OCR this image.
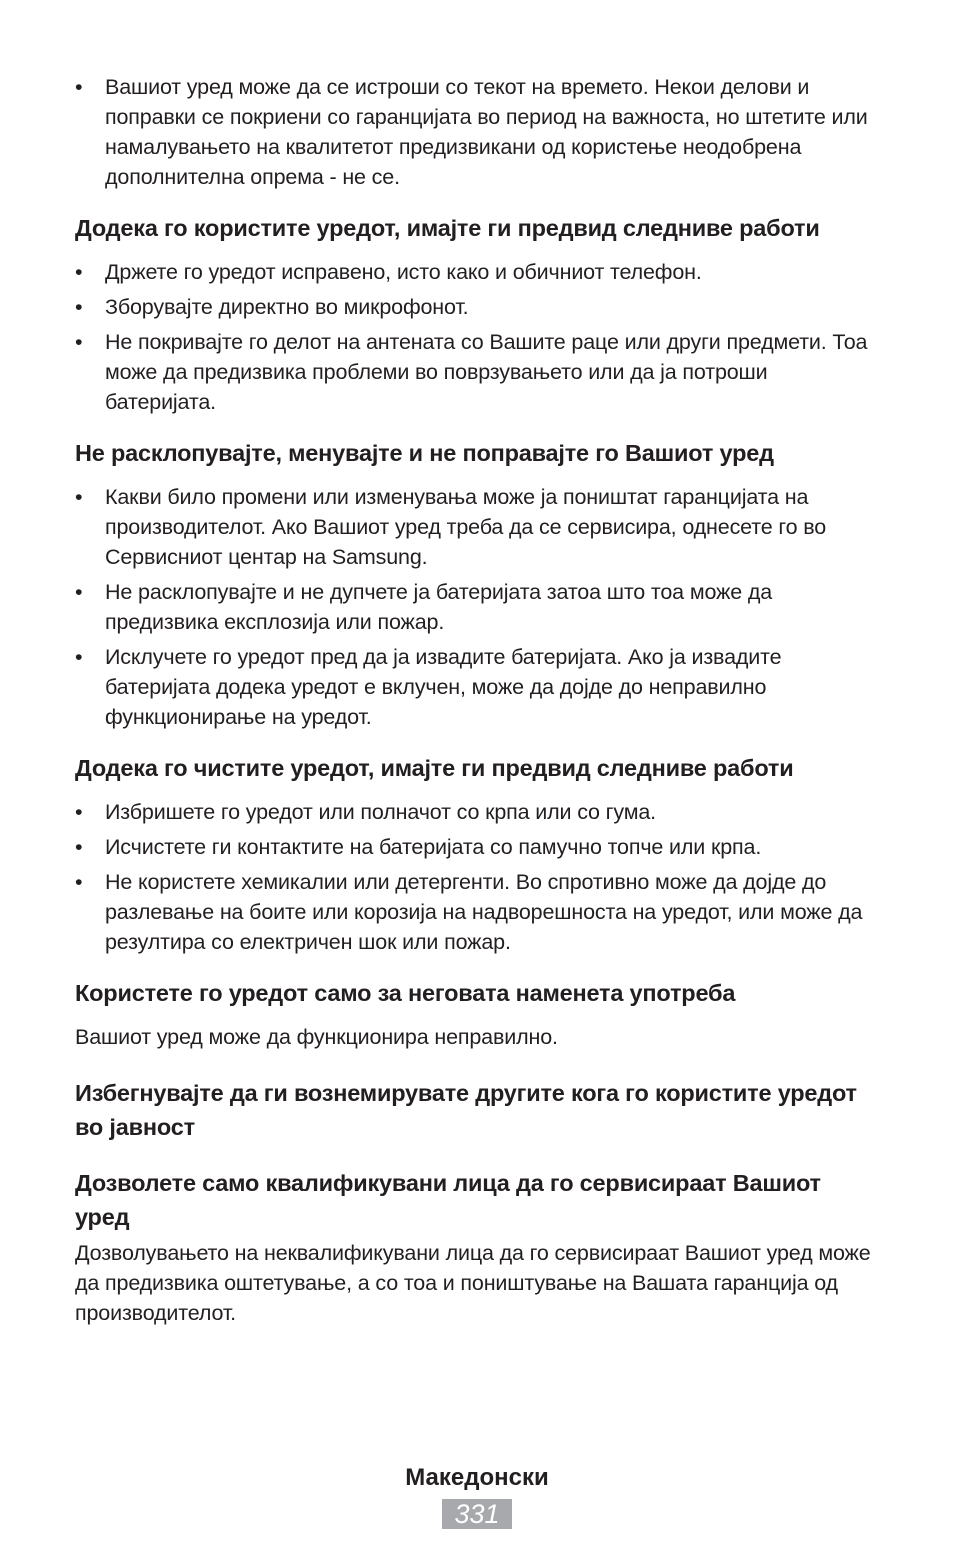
• Вашиот уред може да се истроши со текот на времето. Некои делови и поправки се покриени со гаранцијата во период на важноста, но штетите или намалувањето на квалитетот предизвикани од користење неодобрена дополнителна опрема - не се.
Додека го користите уредот, имајте ги предвид следниве работи
• Држете го уредот исправено, исто како и обичниот телефон.
• Зборувајте директно во микрофонот.
• Не покривајте го делот на антената со Вашите раце или други предмети. Тоа може да предизвика проблеми во поврзувањето или да ја потроши батеријата.
Не расклопувајте, менувајте и не поправајте го Вашиот уред
• Какви било промени или изменувања може ја поништат гаранцијата на производителот. Ако Вашиот уред треба да се сервисира, однесете го во Сервисниот центар на Samsung.
• Не расклопувајте и не дупчете ја батеријата затоа што тоа може да предизвика експлозија или пожар.
• Исклучете го уредот пред да ја извадите батеријата. Ако ја извадите батеријата додека уредот е вклучен, може да дојде до неправилно функционирање на уредот.
Додека го чистите уредот, имајте ги предвид следниве работи
• Избришете го уредот или полначот со крпа или со гума.
• Исчистете ги контактите на батеријата со памучно топче или крпа.
• Не користете хемикалии или детергенти. Во спротивно може да дојде до разлевање на боите или корозија на надворешноста на уредот, или може да резултира со електричен шок или пожар.
Користете го уредот само за неговата наменета употреба

Вашиот уред може да функционира неправилно.

Избегнувајте да ги вознемирувате другите кога го користите уредот во јавност
Дозволете само квалификувани лица да го сервисираат Вашиот уред

Дозволувањето на неквалификувани лица да го сервисираат Вашиот уред може да предизвика оштетување, а со тоа и поништување на Вашата гаранција од производителот.

Македонски
331
